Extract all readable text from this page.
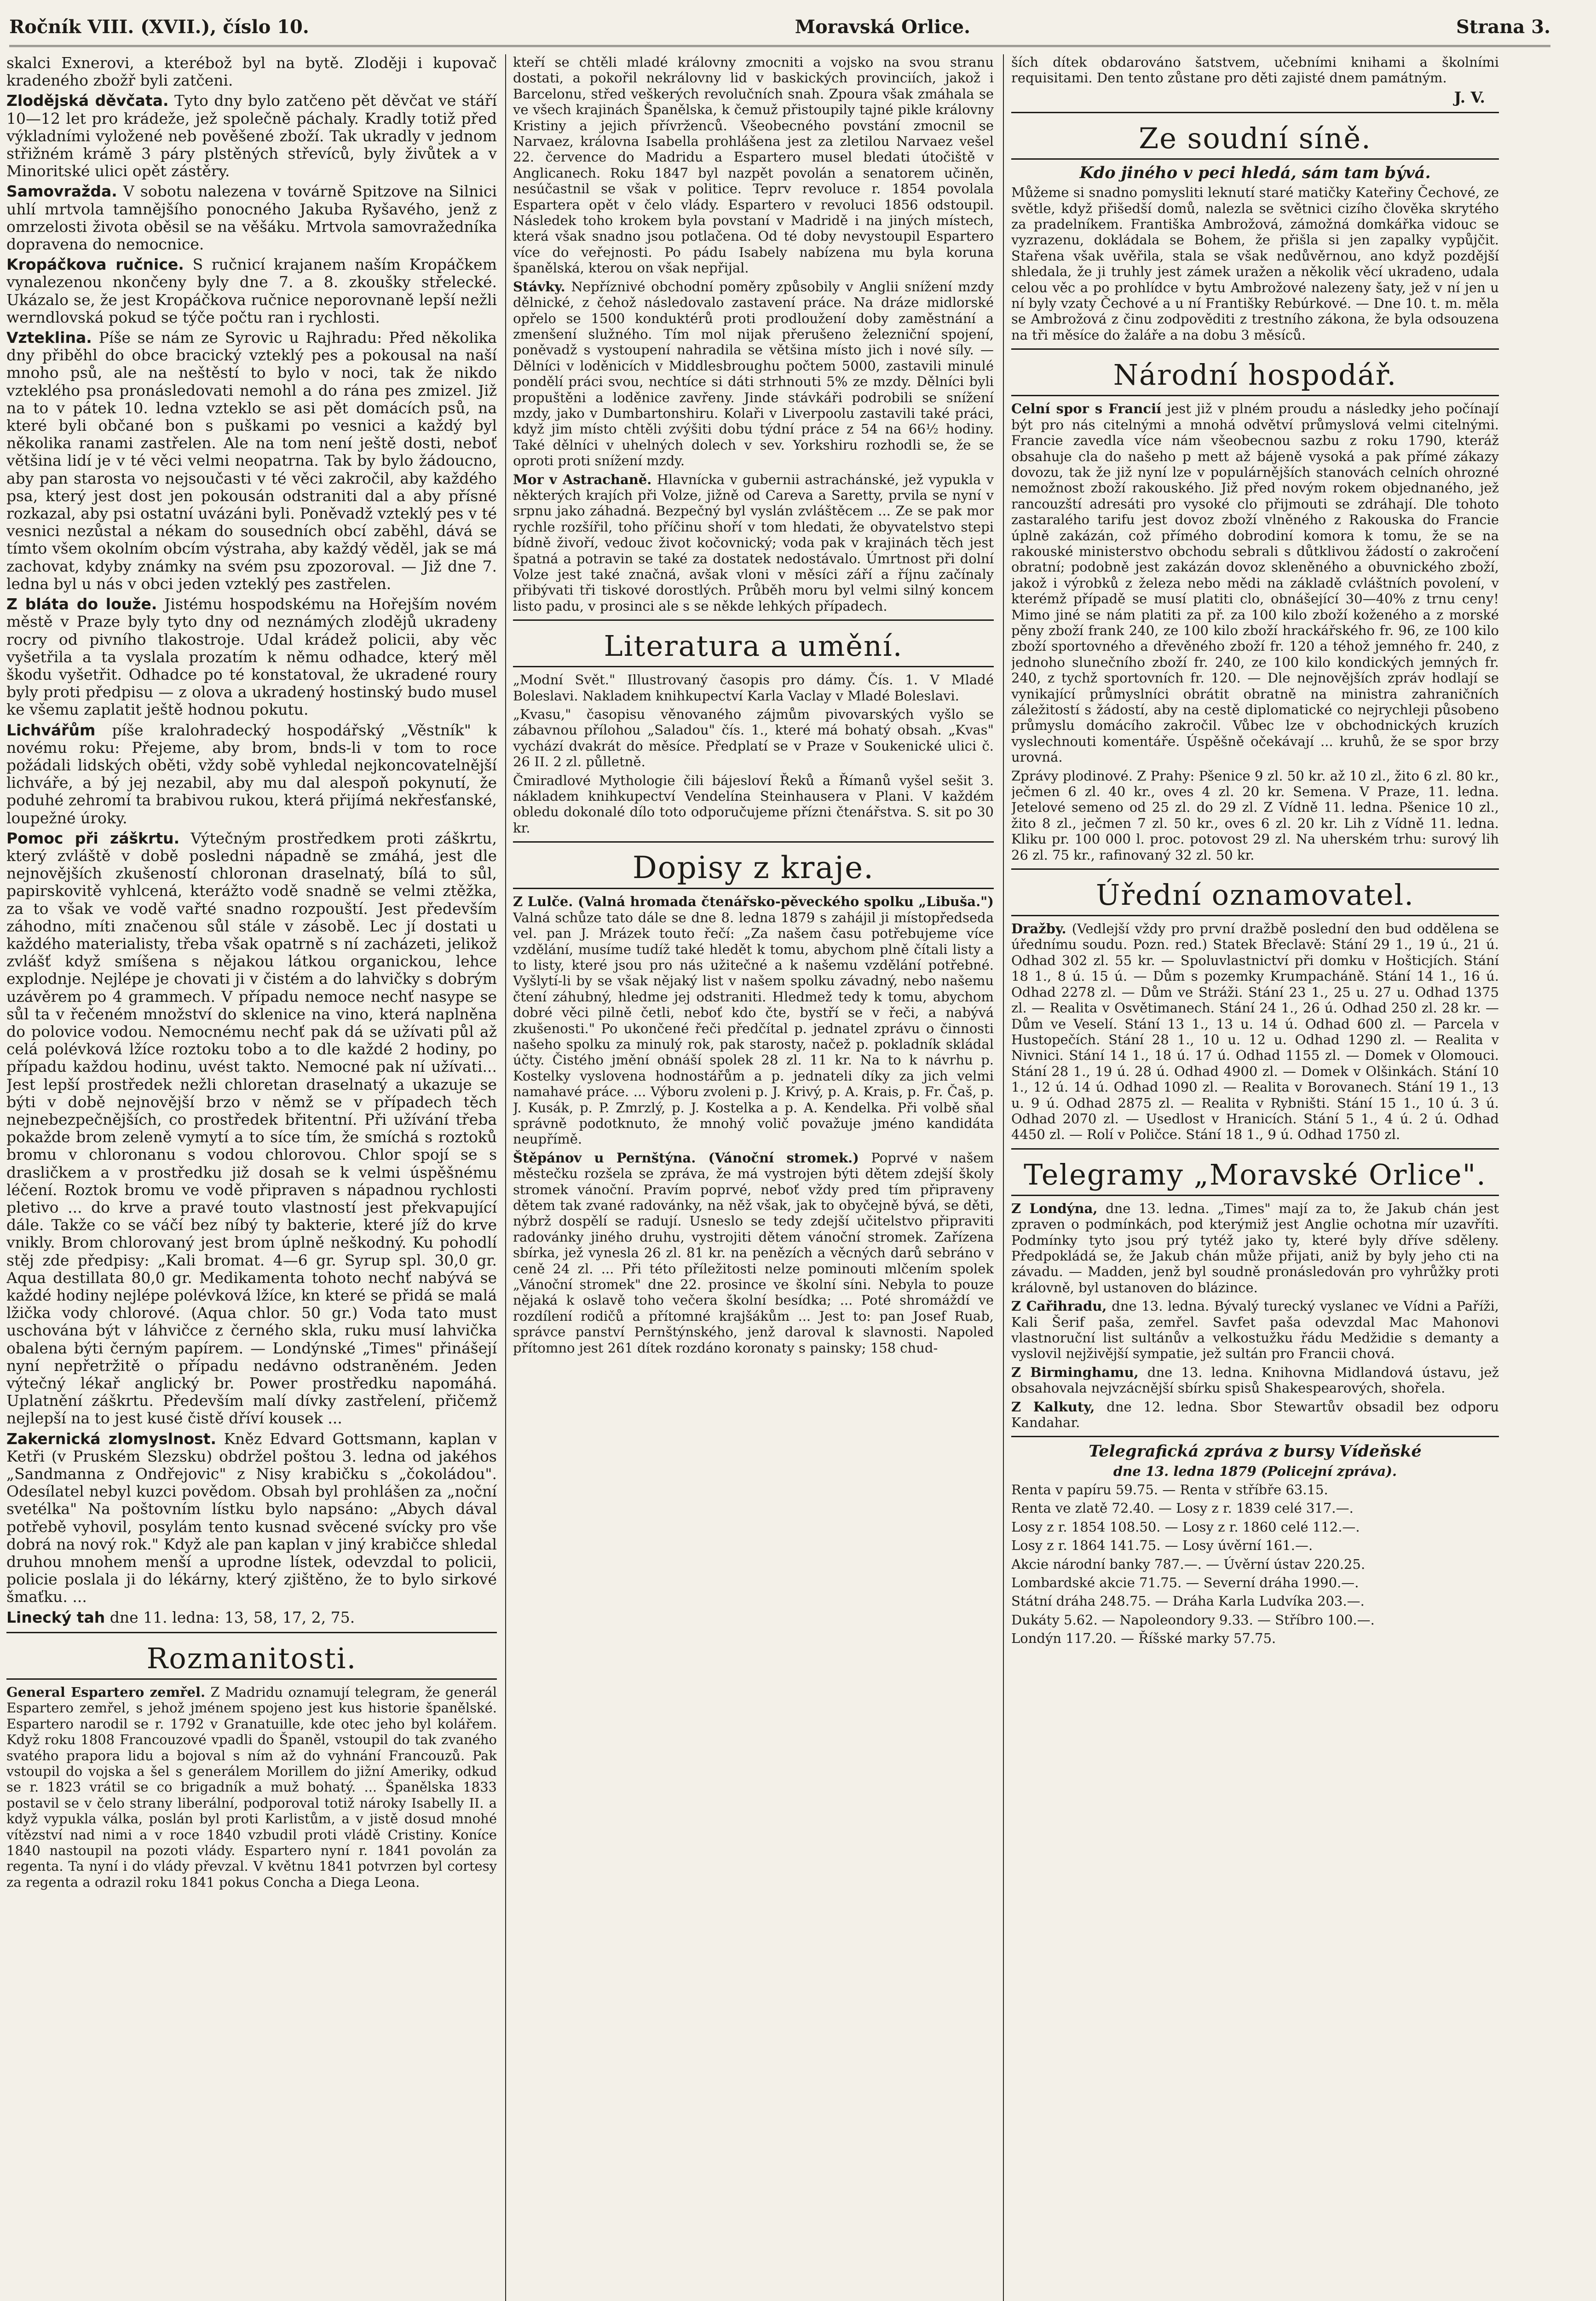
Ročník VIII. (XVII.), číslo 10.	Moravská Orlice.	Strana 3.

skalci Exnerovi, a kterébož byl na bytě. Zloději i kupovač kradeného zbožř byli zatčeni.

Zlodějská děvčata. Tyto dny bylo zatčeno pět děvčat ve stáří 10—12 let pro krádeže, jež společně páchaly. Kradly totiž před výkladními vyložené neb pověšené zboží. Tak ukradly v jednom střižném krámě 3 páry plstěných střevíců, byly živůtek a v Minoritské ulici opět zástěry.

Samovražda. V sobotu nalezena v továrně Spitzove na Silnici uhlí mrtvola tamnějšího ponocného Jakuba Ryšavého, jenž z omrzelosti života oběsil se na věšáku. Mrtvola samovražedníka dopravena do nemocnice.

Kropáčkova ručnice. S ručnicí krajanem naším Kropáčkem vynalezenou nkončeny byly dne 7. a 8. zkoušky střelecké. Ukázalo se, že jest Kropáčkova ručnice neporovnaně lepší nežli werndlovská pokud se týče počtu ran i rychlosti.

Vzteklina. Píše se nám ze Syrovic u Rajhradu: Před několika dny přiběhl do obce bracický vzteklý pes a pokousal na naší mnoho psů, ale na neštěstí to bylo v noci, tak že nikdo vzteklého psa pronásledovati nemohl a do rána pes zmizel. Již na to v pátek 10. ledna vzteklo se asi pět domácích psů, na které byli občané bon s puškami po vesnici a každý byl několika ranami zastřelen. Ale na tom není ještě dosti, neboť většina lidí je v té věci velmi neopatrna. Tak by bylo žádoucno, aby pan starosta vo nejsoučasti v té věci zakročil, aby každého psa, který jest dost jen pokousán odstraniti dal a aby přísné rozkazal, aby psi ostatní uvázáni byli. Poněvadž vzteklý pes v té vesnici nezůstal a nékam do sousedních obcí zaběhl, dává se tímto všem okolním obcím výstraha, aby každý věděl, jak se má zachovat, kdyby známky na svém psu zpozoroval. — Již dne 7. ledna byl u nás v obci jeden vzteklý pes zastřelen.

Z bláta do louže. Jistému hospodskému na Hořejším novém městě v Praze byly tyto dny od neznámých zlodějů ukradeny rocry od pivního tlakostroje. Udal krádež policii, aby věc vyšetřila a ta vyslala prozatím k němu odhadce, který měl škodu vyšetřit. Odhadce po té konstatoval, že ukradené roury byly proti předpisu — z olova a ukradený hostinský budo musel ke všemu zaplatit ještě hodnou pokutu.

Lichvářům píše kralohradecký hospodářský „Věstník" k novému roku: Přejeme, aby brom, bnds-li v tom to roce požádali lidských oběti, vždy sobě vyhledal nejkoncovatelnější lichváře, a bý jej nezabil, aby mu dal alespoň pokynutí, že poduhé zehromí ta brabivou rukou, která přijímá nekřesťanské, loupežné úroky.

Pomoc při záškrtu. Výtečným prostředkem proti záškrtu, který zvláště v době posledni nápadně se zmáhá, jest dle nejnovějších zkušeností chloronan draselnatý, bílá to sůl, papirskovitě vyhlcená, kterážto vodě snadně se velmi ztěžka, za to však ve vodě vařté snadno rozpouští. Jest především záhodno, míti značenou sůl stále v zásobě. Lec jí dostati u každého materialisty, třeba však opatrně s ní zacházeti, jelikož zvlášť když smíšena s nějakou látkou organickou, lehce explodnje. Nejlépe je chovati ji v čistém a do lahvičky s dobrým uzávěrem po 4 grammech. V případu nemoce nechť nasype se sůl ta v řečeném množství do sklenice na vino, která naplněna do polovice vodou. Nemocnému nechť pak dá se užívati půl až celá polévková lžíce roztoku tobo a to dle každé 2 hodiny, po případu každou hodinu, uvést takto. Nemocné pak ní užívati... Jest lepší prostředek nežli chloretan draselnatý a ukazuje se býti v době nejnovější brzo v němž se v případech těch nejnebezpečnějších, co prostředek břitentní. Při užívání třeba pokažde brom zeleně vymytí a to síce tím, že smíchá s roztoků bromu v chloronanu s vodou chlorovou. Chlor spojí se s drasličkem a v prostředku již dosah se k velmi úspěšnému léčení. Roztok bromu ve vodě připraven s nápadnou rychlosti pletivo ... do krve a pravé touto vlastností jest překvapující dále. Takže co se váčí bez níbý ty bakterie, které jíž do krve vnikly. Brom chlorovaný jest brom úplně neškodný. Ku pohodlí stěj zde předpisy: „Kali bromat. 4—6 gr. Syrup spl. 30,0 gr. Aqua destillata 80,0 gr. Medikamenta tohoto nechť nabývá se každé hodiny nejlépe polévková lžíce, kn které se přidá se malá lžička vody chlorové. (Aqua chlor. 50 gr.) Voda tato must uschována být v láhvičce z černého skla, ruku musí lahvička obalena býti černým papírem. — Londýnské „Times" přinášejí nyní nepřetržitě o případu nedávno odstraněném. Jeden výtečný lékař anglický br. Power prostředku napomáhá. Uplatnění záškrtu. Především malí dívky zastřelení, přičemž nejlepší na to jest kusé čistě dříví kousek ...

Zakernická zlomyslnost. Kněz Edvard Gottsmann, kaplan v Ketři (v Pruském Slezsku) obdržel poštou 3. ledna od jakéhos „Sandmanna z Ondřejovic" z Nisy krabičku s „čokoládou". Odesílatel nebyl kuzci povědom. Obsah byl prohlášen za „noční svetélka" Na poštovním lístku bylo napsáno: „Abych dával potřebě vyhovil, posylám tento kusnad svěcené svícky pro vše dobrá na nový rok." Když ale pan kaplan v jiný krabičce shledal druhou mnohem menší a uprodne lístek, odevzdal to policii, policie poslala ji do lékárny, který zjištěno, že to bylo sirkové šmaťku. ...

Linecký tah dne 11. ledna: 13, 58, 17, 2, 75.

Rozmanitosti.

General Espartero zemřel. Z Madridu oznamují telegram, že generál Espartero zemřel, s jehož jménem spojeno jest kus historie španělské. Espartero narodil se r. 1792 v Granatuille, kde otec jeho byl kolářem. Když roku 1808 Francouzové vpadli do Španěl, vstoupil do tak zvaného svatého prapora lidu a bojoval s ním až do vyhnání Francouzů. Pak vstoupil do vojska a šel s generálem Morillem do jižní Ameriky, odkud se r. 1823 vrátil se co brigadník a muž bohatý. ... Španělska 1833 postavil se v čelo strany liberální, podporoval totiž nároky Isabelly II. a když vypukla válka, poslán byl proti Karlistům, a v jistě dosud mnohé vítězství nad nimi a v roce 1840 vzbudil proti vládě Cristiny. Koníce 1840 nastoupil na pozoti vlády. Espartero nyní r. 1841 povolán za regenta. Ta nyní i do vlády převzal. V květnu 1841 potvrzen byl cortesy za regenta a odrazil roku 1841 pokus Concha a Diega Leona.

kteří se chtěli mladé královny zmocniti a vojsko na svou stranu dostati, a pokořil nekrálovny lid v baskických provinciích, jakož i Barcelonu, střed veškerých revolučních snah. Zpoura však zmáhala se ve všech krajinách Španělska, k čemuž přistoupily tajné pikle královny Kristiny a jejich přívrženců. Všeobecného povstání zmocnil se Narvaez, královna Isabella prohlášena jest za zletilou Narvaez vešel 22. července do Madridu a Espartero musel bledati útočiště v Anglicanech. Roku 1847 byl nazpět povolán a senatorem učiněn, nesúčastnil se však v politice. Teprv revoluce r. 1854 povolala Espartera opět v čelo vlády. Espartero v revoluci 1856 odstoupil. Následek toho krokem byla povstaní v Madridě i na jiných místech, která však snadno jsou potlačena. Od té doby nevystoupil Espartero více do veřejnosti. Po pádu Isabely nabízena mu byla koruna španělská, kterou on však nepřijal.

Stávky. Nepříznivé obchodní poměry způsobily v Anglii snížení mzdy dělnické, z čehož následovalo zastavení práce. Na dráze midlorské opřelo se 1500 konduktérů proti prodloužení doby zaměstnání a zmenšení služného. Tím mol nijak přerušeno železniční spojení, poněvadž s vystoupení nahradila se většina místo jich i nové síly. — Dělníci v loděnicích v Middlesbroughu počtem 5000, zastavili minulé pondělí práci svou, nechtíce si dáti strhnouti 5% ze mzdy. Dělníci byli propuštěni a loděnice zavřeny. Jinde stávkáři podrobili se snížení mzdy, jako v Dumbartonshiru. Kolaři v Liverpoolu zastavili také práci, když jim místo chtěli zvýšiti dobu týdní práce z 54 na 66½ hodiny. Také dělníci v uhelných dolech v sev. Yorkshiru rozhodli se, že se oproti proti snížení mzdy.

Mor v Astrachaně. Hlavnícka v gubernii astrachánské, jež vypukla v některých krajích při Volze, jižně od Careva a Saretty, prvila se nyní v srpnu jako záhadná. Bezpečný byl vyslán zvláštěcem ... Ze se pak mor rychle rozšířil, toho příčinu shoří v tom hledati, že obyvatelstvo stepi bídně živoří, vedouc život kočovnický; voda pak v krajinách těch jest špatná a potravin se také za dostatek nedostávalo. Úmrtnost při dolní Volze jest také značná, avšak vloni v měsíci září a říjnu začínaly přibývati tři tiskové dorostlých. Průběh moru byl velmi silný koncem listo padu, v prosinci ale s se někde lehkých případech.

Literatura a umění.

„Modní Svět." Illustrovaný časopis pro dámy. Čís. 1. V Mladé Boleslavi. Nakladem knihkupectví Karla Vaclay v Mladé Boleslavi.

„Kvasu," časopisu věnovaného zájmům pivovarských vyšlo se zábavnou přílohou „Saladou" čís. 1., které má bohatý obsah. „Kvas" vychází dvakrát do měsíce. Předplatí se v Praze v Soukenické ulici č. 26 II. 2 zl. půlletně.

Čmiradlové Mythologie čili bájesloví Řeků a Římanů vyšel sešit 3. nákladem knihkupectví Vendelína Steinhausera v Plani. V každém obledu dokonalé dílo toto odporučujeme přízni čtenářstva. S. sit po 30 kr.

Dopisy z kraje.

Z Lulče. (Valná hromada čtenářsko-pěveckého spolku „Libuša.") Valná schůze tato dále se dne 8. ledna 1879 s zahájil ji místopředseda vel. pan J. Mrázek touto řečí: „Za našem času potřebujeme více vzdělání, musíme tudíž také hledět k tomu, abychom plně čítali listy a to listy, které jsou pro nás užitečné a k našemu vzdělání potřebné. Vyšlytí-li by se však nějaký list v našem spolku závadný, nebo našemu čtení záhubný, hledme jej odstraniti. Hledmež tedy k tomu, abychom dobré věci pilně četli, neboť kdo čte, bystří se v řeči, a nabývá zkušenosti." Po ukončené řeči předčítal p. jednatel zprávu o činnosti našeho spolku za minulý rok, pak starosty, načež p. pokladník skládal účty. Čistého jmění obnáší spolek 28 zl. 11 kr. Na to k návrhu p. Kostelky vyslovena hodnostářům a p. jednateli díky za jich velmi namahavé práce. ... Výboru zvoleni p. J. Krivý, p. A. Krais, p. Fr. Čaš, p. J. Kusák, p. P. Zmrzlý, p. J. Kostelka a p. A. Kendelka. Při volbě sňal správně podotknuto, že mnohý volič považuje jméno kandidáta neupřímě.

Štěpánov u Pernštýna. (Vánoční stromek.) Poprvé v našem městečku rozšela se zpráva, že má vystrojen býti dětem zdejší školy stromek vánoční. Pravím poprvé, neboť vždy pred tím připraveny dětem tak zvané radovánky, na něž však, jak to obyčejně bývá, se děti, nýbrž dospělí se radují. Usneslo se tedy zdejší učitelstvo připraviti radovánky jiného druhu, vystrojiti dětem vánoční stromek. Zařízena sbírka, jež vynesla 26 zl. 81 kr. na penězích a věcných darů sebráno v ceně 24 zl. ... Při této příležitosti nelze pominouti mlčením spolek „Vánoční stromek" dne 22. prosince ve školní síni. Nebyla to pouze nějaká k oslavě toho večera školní besídka; ... Poté shromáždí ve rozdílení rodičů a přítomné krajšákům ... Jest to: pan Josef Ruab, správce panství Pernštýnského, jenž daroval k slavnosti. Napoled přítomno jest 261 dítek rozdáno koronaty s painsky; 158 chud-

ších dítek obdarováno šatstvem, učebními knihami a školními requisitami. Den tento zůstane pro děti zajisté dnem památným.

J. V.
Ze soudní síně.
Kdo jiného v peci hledá, sám tam bývá.

Můžeme si snadno pomysliti leknutí staré matičky Kateřiny Čechové, ze světle, když přišedší domů, nalezla se světnici cizího člověka skrytého za pradelníkem. Františka Ambrožová, zámožná domkářka vidouc se vyzrazenu, dokládala se Bohem, že přišla si jen zapalky vypůjčit. Stařena však uvěřila, stala se však nedůvěrnou, ano když pozdější shledala, že ji truhly jest zámek uražen a několik věcí ukradeno, udala celou věc a po prohlídce v bytu Ambrožové nalezeny šaty, jež v ní jen u ní byly vzaty Čechové a u ní Františky Rebúrkové. — Dne 10. t. m. měla se Ambrožová z činu zodpověditi z trestního zákona, že byla odsouzena na tři měsíce do žaláře a na dobu 3 měsíců.

Národní hospodář.

Celní spor s Francií jest již v plném proudu a následky jeho počínají být pro nás citelnými a mnohá odvětví průmyslová velmi citelnými. Francie zavedla více nám všeobecnou sazbu z roku 1790, kteráž obsahuje cla do našeho p mett až bájeně vysoká a pak přímé zákazy dovozu, tak že již nyní lze v populárnějších stanovách celních ohrozné nemožnost zboží rakouského. Již před novým rokem objednaného, jež rancouzští adresáti pro vysoké clo přijmouti se zdráhají. Dle tohoto zastaralého tarifu jest dovoz zboží vlněného z Rakouska do Francie úplně zakázán, což přímého dobrodiní komora k tomu, že se na rakouské ministerstvo obchodu sebrali s důtklivou žádostí o zakročení obratní; podobně jest zakázán dovoz skleněného a obuvnického zboží, jakož i výrobků z železa nebo mědi na základě cvláštních povolení, v kterémž případě se musí platiti clo, obnášející 30—40% z trnu ceny! Mimo jiné se nám platiti za př. za 100 kilo zboží koženého a z morské pěny zboží frank 240, ze 100 kilo zboží hrackářského fr. 96, ze 100 kilo zboží sportovného a dřevěného zboží fr. 120 a téhož jemného fr. 240, z jednoho slunečního zboží fr. 240, ze 100 kilo kondických jemných fr. 240, z tychž sportovních fr. 120. — Dle nejnovějších zpráv hodlají se vynikající průmyslníci obrátit obratně na ministra zahraničních záležitostí s žádostí, aby na cestě diplomatické co nejrychleji působeno průmyslu domácího zakročil. Vůbec lze v obchodnických kruzích vyslechnouti komentáře. Úspěšně očekávají ... kruhů, že se spor brzy urovná.

Zprávy plodinové. Z Prahy: Pšenice 9 zl. 50 kr. až 10 zl., žito 6 zl. 80 kr., ječmen 6 zl. 40 kr., oves 4 zl. 20 kr. Semena. V Praze, 11. ledna. Jetelové semeno od 25 zl. do 29 zl. Z Vídně 11. ledna. Pšenice 10 zl., žito 8 zl., ječmen 7 zl. 50 kr., oves 6 zl. 20 kr. Lih z Vídně 11. ledna. Kliku pr. 100 000 l. proc. potovost 29 zl. Na uherském trhu: surový lih 26 zl. 75 kr., rafinovaný 32 zl. 50 kr.

Úřední oznamovatel.

Dražby. (Vedlejší vždy pro první dražbě poslední den bud oddělena se úřednímu soudu. Pozn. red.) Statek Břeclavě: Stání 29 1., 19 ú., 21 ú. Odhad 302 zl. 55 kr. — Spoluvlastnictví při domku v Hošticjích. Stání 18 1., 8 ú. 15 ú. — Dům s pozemky Krumpacháně. Stání 14 1., 16 ú. Odhad 2278 zl. — Dům ve Stráži. Stání 23 1., 25 u. 27 u. Odhad 1375 zl. — Realita v Osvětimanech. Stání 24 1., 26 ú. Odhad 250 zl. 28 kr. — Dům ve Veselí. Stání 13 1., 13 u. 14 ú. Odhad 600 zl. — Parcela v Hustopečích. Stání 28 1., 10 u. 12 u. Odhad 1290 zl. — Realita v Nivnici. Stání 14 1., 18 ú. 17 ú. Odhad 1155 zl. — Domek v Olomouci. Stání 28 1., 19 ú. 28 ú. Odhad 4900 zl. — Domek v Olšinkách. Stání 10 1., 12 ú. 14 ú. Odhad 1090 zl. — Realita v Borovanech. Stání 19 1., 13 u. 9 ú. Odhad 2875 zl. — Realita v Rybništi. Stání 15 1., 10 ú. 3 ú. Odhad 2070 zl. — Usedlost v Hranicích. Stání 5 1., 4 ú. 2 ú. Odhad 4450 zl. — Rolí v Poličce. Stání 18 1., 9 ú. Odhad 1750 zl.

Telegramy „Moravské Orlice".

Z Londýna, dne 13. ledna. „Times" mají za to, že Jakub chán jest zpraven o podmínkách, pod kterýmiž jest Anglie ochotna mír uzavříti. Podmínky tyto jsou prý tytéž jako ty, které byly dříve sděleny. Předpokládá se, že Jakub chán může přijati, aniž by byly jeho cti na závadu. — Madden, jenž byl soudně pronásledován pro vyhrůžky proti královně, byl ustanoven do blázince.

Z Cařihradu, dne 13. ledna. Bývalý turecký vyslanec ve Vídni a Paříži, Kali Šerif paša, zemřel. Savfet paša odevzdal Mac Mahonovi vlastnoruční list sultánův a velkostužku řádu Medžidie s demanty a vyslovil nejživější sympatie, jež sultán pro Francii chová.

Z Birminghamu, dne 13. ledna. Knihovna Midlandová ústavu, jež obsahovala nejvzácnější sbírku spisů Shakespearových, shořela.

Z Kalkuty, dne 12. ledna. Sbor Stewartův obsadil bez odporu Kandahar.

Telegrafická zpráva z bursy Vídeňské
dne 13. ledna 1879 (Policejní zpráva).

Renta v papíru 59.75. — Renta v stříbře 63.15.

Renta ve zlatě 72.40. — Losy z r. 1839 celé 317.—.

Losy z r. 1854 108.50. — Losy z r. 1860 celé 112.—.

Losy z r. 1864 141.75. — Losy úvěrní 161.—.

Akcie národní banky 787.—. — Úvěrní ústav 220.25.

Lombardské akcie 71.75. — Severní dráha 1990.—.

Státní dráha 248.75. — Dráha Karla Ludvíka 203.—.

Dukáty 5.62. — Napoleondory 9.33. — Stříbro 100.—.

Londýn 117.20. — Říšské marky 57.75.
